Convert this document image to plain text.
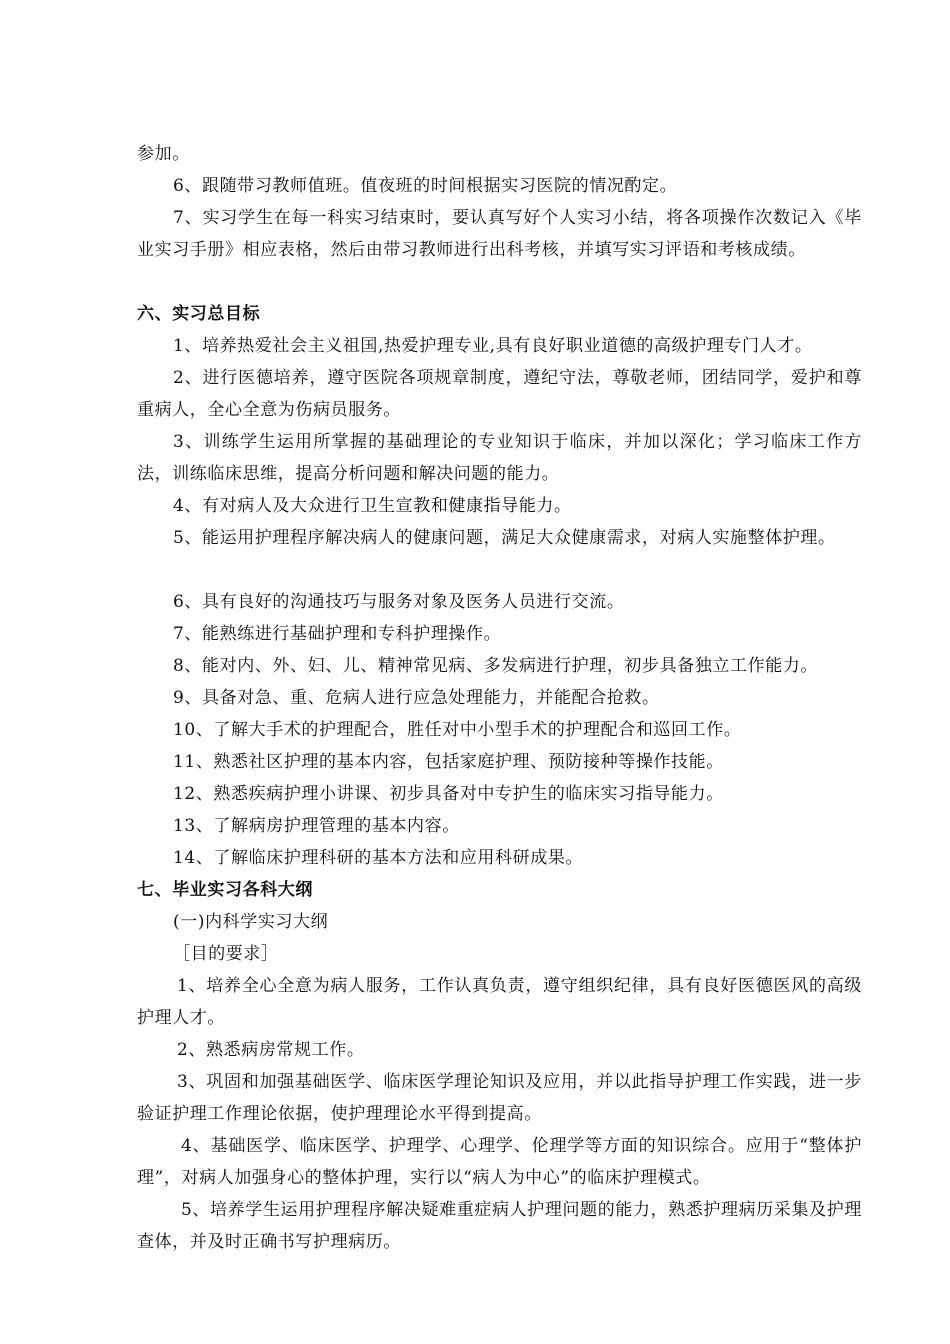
参加。
6、跟随带习教师值班。值夜班的时间根据实习医院的情况酌定。
7、实习学生在每一科实习结束时，要认真写好个人实习小结，将各项操作次数记入《毕业实习手册》相应表格，然后由带习教师进行出科考核，并填写实习评语和考核成绩。
六、实习总目标
1、培养热爱社会主义祖国,热爱护理专业,具有良好职业道德的高级护理专门人才。
2、进行医德培养，遵守医院各项规章制度，遵纪守法，尊敬老师，团结同学，爱护和尊重病人，全心全意为伤病员服务。
3、训练学生运用所掌握的基础理论的专业知识于临床，并加以深化；学习临床工作方法，训练临床思维，提高分析问题和解决问题的能力。
4、有对病人及大众进行卫生宣教和健康指导能力。
5、能运用护理程序解决病人的健康问题，满足大众健康需求，对病人实施整体护理。
6、具有良好的沟通技巧与服务对象及医务人员进行交流。
7、能熟练进行基础护理和专科护理操作。
8、能对内、外、妇、儿、精神常见病、多发病进行护理，初步具备独立工作能力。
9、具备对急、重、危病人进行应急处理能力，并能配合抢救。
10、了解大手术的护理配合，胜任对中小型手术的护理配合和巡回工作。
11、熟悉社区护理的基本内容，包括家庭护理、预防接种等操作技能。
12、熟悉疾病护理小讲课、初步具备对中专护生的临床实习指导能力。
13、了解病房护理管理的基本内容。
14、了解临床护理科研的基本方法和应用科研成果。
七、毕业实习各科大纲
(一)内科学实习大纲
［目的要求］
1、培养全心全意为病人服务，工作认真负责，遵守组织纪律，具有良好医德医风的高级护理人才。
2、熟悉病房常规工作。
3、巩固和加强基础医学、临床医学理论知识及应用，并以此指导护理工作实践，进一步验证护理工作理论依据，使护理理论水平得到提高。
4、基础医学、临床医学、护理学、心理学、伦理学等方面的知识综合。应用于“整体护理”，对病人加强身心的整体护理，实行以“病人为中心”的临床护理模式。
5、培养学生运用护理程序解决疑难重症病人护理问题的能力，熟悉护理病历采集及护理查体，并及时正确书写护理病历。
